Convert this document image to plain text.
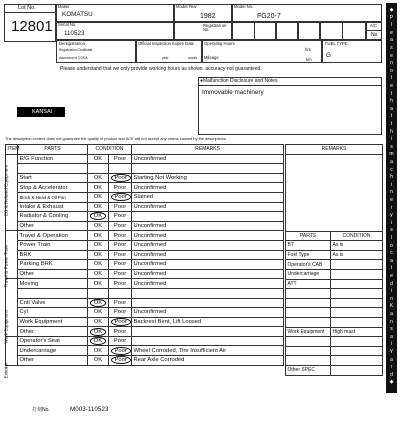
Lot No.
12801
Maker
KOMATSU
Model Year
1982
Model No.
FG20-7
Serial No.
110523
Registrati on No.
A/C
No
Deregistration
Registration Certificate
document of CODA
Official Inspection Expire Date
year	month
Operating Hours
hrs
Mileage	km
FUEL TYPE
G
Please understand that we only provide working hours as shown. accuracy not guaranteed.
●Malfunction Disclosure and Notes
Immovable machinery
KANSAI
The description content does not guarantee the quality of product and ACE will not accept any claims caused by the descriptions.
ITEM	PARTS	CONDITION		REMARKS
	E/G Function	OK	Poor	Unconfirmed

	Start	OK	Poor	Starting Not Working
	Stop & Accelerator	OK	Poor	Unconfirmed
	Block & Head & Oil Pan	OK	Poor	Stained
	Intake & Exhaust	OK	Poor	Unconfirmed
	Radiator & Cooling	OK	Poor	
	Other	OK	Poor	Unconfirmed
	Travel & Operation	OK	Poor	Unconfirmed
	Power Train	OK	Poor	Unconfirmed
	BRK	OK	Poor	Unconfirmed
	Parking BRK	OK	Poor	Unconfirmed
	Other	OK	Poor	Unconfirmed
	Moving	OK	Poor	Unconfirmed

	Cntl Valve	OK	Poor	
	Cyl	OK	Poor	Unconfirmed
	Work Equipment	OK	Poor	Backrest Bent, Lift Loosed
	Other	OK	Poor	
	Operator's Seat	OK	Poor	
	Undercarriage	OK	Poor	Wheel Corroded, Tire Insufficient Air
	Other	OK	Poor	Rear Axle Corroded
EG & Related Equipment
Travel & Power Train
Work Equipment
Exterior
REMARKS	

PARTS	CONDITION
BT	As is
Fuel Type	As is
Operator's CAB	
Undercarriage	
ATT	

Work Equipment	High mast

Other SPEC	
打刻No.	M003-110523
◆
P
l
e
a
s
e
n
o
t
e
t
h
a
t
t
h
i
s
m
a
c
h
i
n
e
r
y
i
s
l
o
c
a
t
e
d
i
n
K
a
n
s
a
i
Y
a
r
d
◆
